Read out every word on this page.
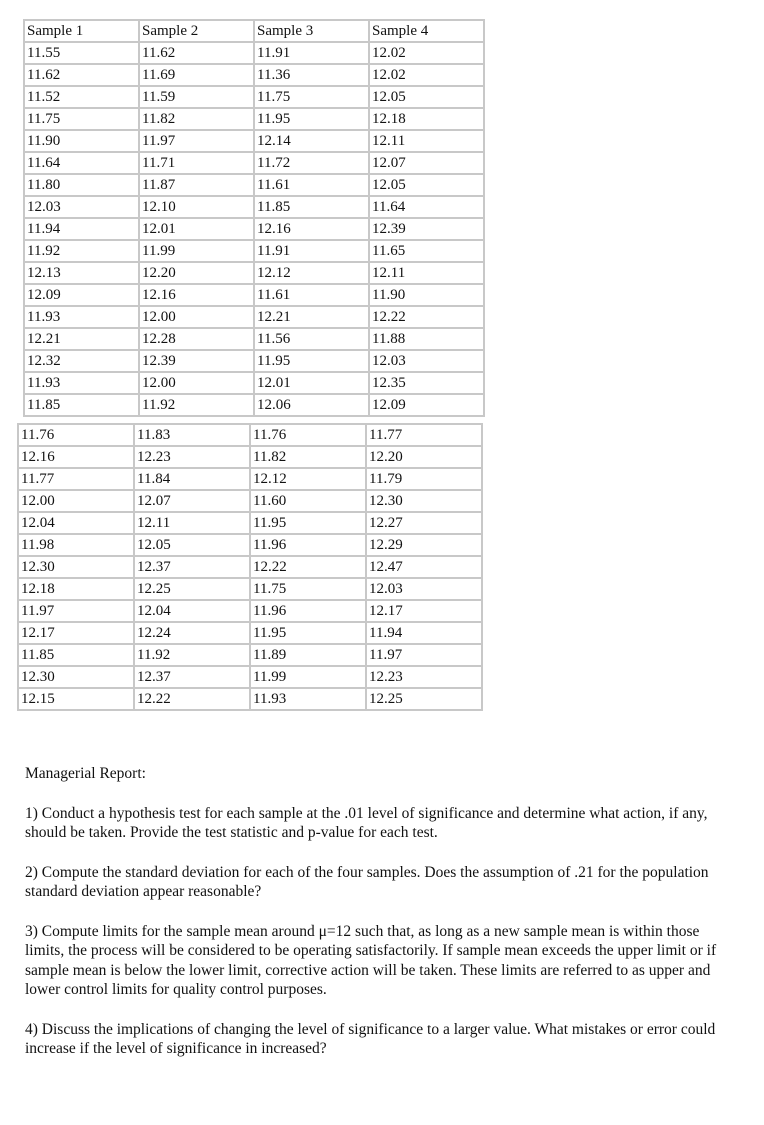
Sample 1	Sample 2	Sample 3	Sample 4
11.55	11.62	11.91	12.02
11.62	11.69	11.36	12.02
11.52	11.59	11.75	12.05
11.75	11.82	11.95	12.18
11.90	11.97	12.14	12.11
11.64	11.71	11.72	12.07
11.80	11.87	11.61	12.05
12.03	12.10	11.85	11.64
11.94	12.01	12.16	12.39
11.92	11.99	11.91	11.65
12.13	12.20	12.12	12.11
12.09	12.16	11.61	11.90
11.93	12.00	12.21	12.22
12.21	12.28	11.56	11.88
12.32	12.39	11.95	12.03
11.93	12.00	12.01	12.35
11.85	11.92	12.06	12.09
11.76	11.83	11.76	11.77
12.16	12.23	11.82	12.20
11.77	11.84	12.12	11.79
12.00	12.07	11.60	12.30
12.04	12.11	11.95	12.27
11.98	12.05	11.96	12.29
12.30	12.37	12.22	12.47
12.18	12.25	11.75	12.03
11.97	12.04	11.96	12.17
12.17	12.24	11.95	11.94
11.85	11.92	11.89	11.97
12.30	12.37	11.99	12.23
12.15	12.22	11.93	12.25

Managerial Report:

1) Conduct a hypothesis test for each sample at the .01 level of significance and determine what action, if any, should be taken. Provide the test statistic and p-value for each test.

2) Compute the standard deviation for each of the four samples. Does the assumption of .21 for the population standard deviation appear reasonable?

3) Compute limits for the sample mean around μ=12 such that, as long as a new sample mean is within those limits, the process will be considered to be operating satisfactorily. If sample mean exceeds the upper limit or if sample mean is below the lower limit, corrective action will be taken. These limits are referred to as upper and lower control limits for quality control purposes.

4) Discuss the implications of changing the level of significance to a larger value. What mistakes or error could increase if the level of significance in increased?
